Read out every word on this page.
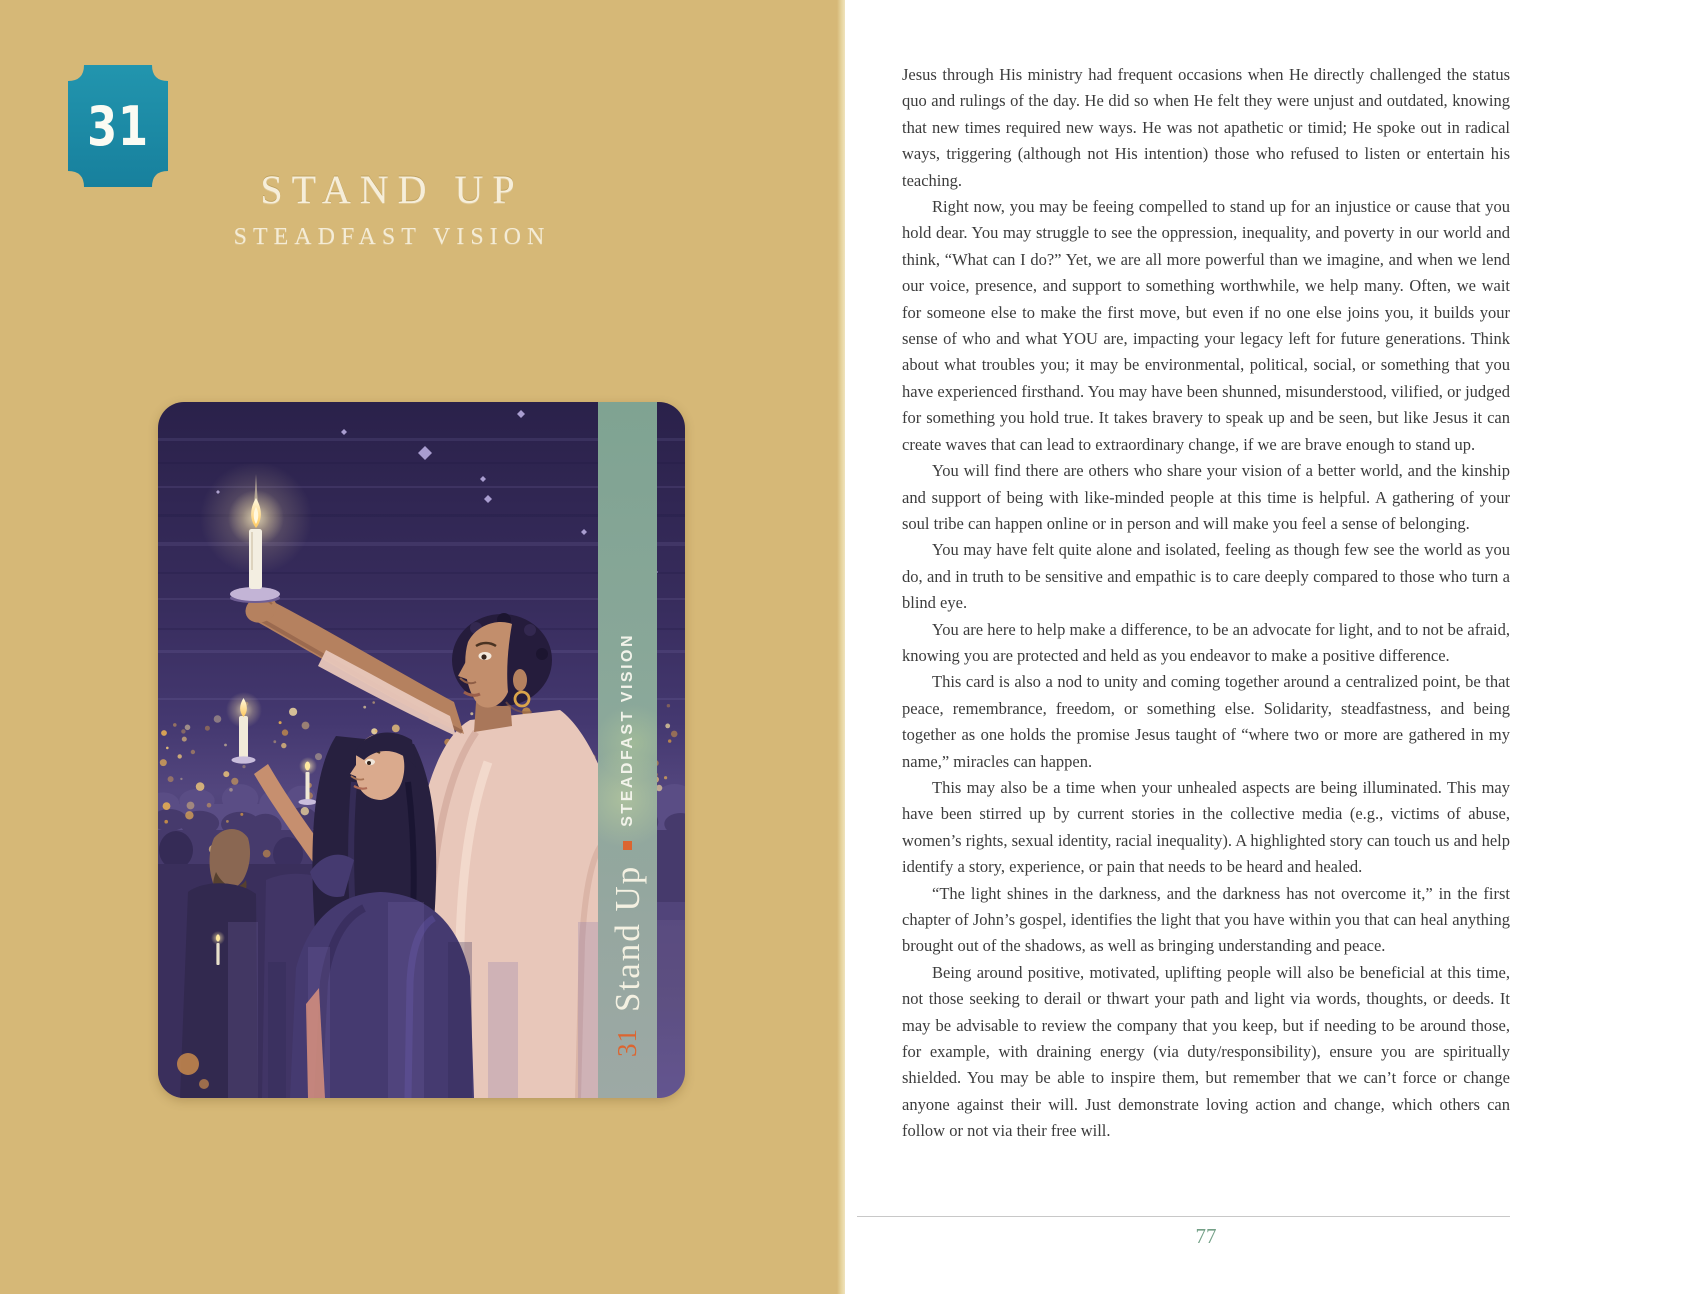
31
STAND UP
STEADFAST VISION
31
Stand Up
STEADFAST VISION

Jesus through His ministry had frequent occasions when He directly challenged the status quo and rulings of the day. He did so when He felt they were unjust and outdated, knowing that new times required new ways. He was not apathetic or timid; He spoke out in radical ways, triggering (although not His intention) those who refused to listen or entertain his teaching.

Right now, you may be feeing compelled to stand up for an injustice or cause that you hold dear. You may struggle to see the oppression, inequality, and poverty in our world and think, “What can I do?” Yet, we are all more powerful than we imagine, and when we lend our voice, presence, and support to something worthwhile, we help many. Often, we wait for someone else to make the first move, but even if no one else joins you, it builds your sense of who and what YOU are, impacting your legacy left for future generations. Think about what troubles you; it may be environmental, political, social, or something that you have experienced firsthand. You may have been shunned, misunderstood, vilified, or judged for something you hold true. It takes bravery to speak up and be seen, but like Jesus it can create waves that can lead to extraordinary change, if we are brave enough to stand up.

You will find there are others who share your vision of a better world, and the kinship and support of being with like-minded people at this time is helpful. A gathering of your soul tribe can happen online or in person and will make you feel a sense of belonging.

You may have felt quite alone and isolated, feeling as though few see the world as you do, and in truth to be sensitive and empathic is to care deeply compared to those who turn a blind eye.

You are here to help make a difference, to be an advocate for light, and to not be afraid, knowing you are protected and held as you endeavor to make a positive difference.

This card is also a nod to unity and coming together around a centralized point, be that peace, remembrance, freedom, or something else. Solidarity, steadfastness, and being together as one holds the promise Jesus taught of “where two or more are gathered in my name,” miracles can happen.

This may also be a time when your unhealed aspects are being illuminated. This may have been stirred up by current stories in the collective media (e.g., victims of abuse, women’s rights, sexual identity, racial inequality). A highlighted story can touch us and help identify a story, experience, or pain that needs to be heard and healed.

“The light shines in the darkness, and the darkness has not overcome it,” in the first chapter of John’s gospel, identifies the light that you have within you that can heal anything brought out of the shadows, as well as bringing understanding and peace.

Being around positive, motivated, uplifting people will also be beneficial at this time, not those seeking to derail or thwart your path and light via words, thoughts, or deeds. It may be advisable to review the company that you keep, but if needing to be around those, for example, with draining energy (via duty/responsibility), ensure you are spiritually shielded. You may be able to inspire them, but remember that we can’t force or change anyone against their will. Just demonstrate loving action and change, which others can follow or not via their free will.

77
